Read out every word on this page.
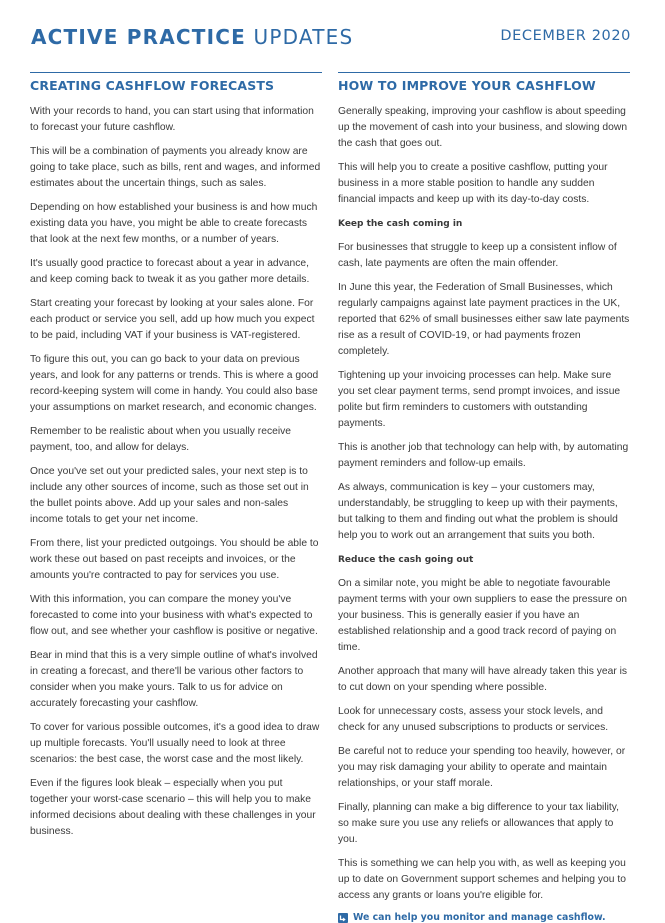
ACTIVE PRACTICE UPDATES	DECEMBER 2020
CREATING CASHFLOW FORECASTS

With your records to hand, you can start using that information to forecast your future cashflow.

This will be a combination of payments you already know are going to take place, such as bills, rent and wages, and informed estimates about the uncertain things, such as sales.

Depending on how established your business is and how much existing data you have, you might be able to create forecasts that look at the next few months, or a number of years.

It's usually good practice to forecast about a year in advance, and keep coming back to tweak it as you gather more details.

Start creating your forecast by looking at your sales alone. For each product or service you sell, add up how much you expect to be paid, including VAT if your business is VAT-registered.

To figure this out, you can go back to your data on previous years, and look for any patterns or trends. This is where a good record-keeping system will come in handy. You could also base your assumptions on market research, and economic changes.

Remember to be realistic about when you usually receive payment, too, and allow for delays.

Once you've set out your predicted sales, your next step is to include any other sources of income, such as those set out in the bullet points above. Add up your sales and non-sales income totals to get your net income.

From there, list your predicted outgoings. You should be able to work these out based on past receipts and invoices, or the amounts you're contracted to pay for services you use.

With this information, you can compare the money you've forecasted to come into your business with what's expected to flow out, and see whether your cashflow is positive or negative.

Bear in mind that this is a very simple outline of what's involved in creating a forecast, and there'll be various other factors to consider when you make yours. Talk to us for advice on accurately forecasting your cashflow.

To cover for various possible outcomes, it's a good idea to draw up multiple forecasts. You'll usually need to look at three scenarios: the best case, the worst case and the most likely.

Even if the figures look bleak – especially when you put together your worst-case scenario – this will help you to make informed decisions about dealing with these challenges in your business.

HOW TO IMPROVE YOUR CASHFLOW

Generally speaking, improving your cashflow is about speeding up the movement of cash into your business, and slowing down the cash that goes out.

This will help you to create a positive cashflow, putting your business in a more stable position to handle any sudden financial impacts and keep up with its day-to-day costs.

Keep the cash coming in

For businesses that struggle to keep up a consistent inflow of cash, late payments are often the main offender.

In June this year, the Federation of Small Businesses, which regularly campaigns against late payment practices in the UK, reported that 62% of small businesses either saw late payments rise as a result of COVID-19, or had payments frozen completely.

Tightening up your invoicing processes can help. Make sure you set clear payment terms, send prompt invoices, and issue polite but firm reminders to customers with outstanding payments.

This is another job that technology can help with, by automating payment reminders and follow-up emails.

As always, communication is key – your customers may, understandably, be struggling to keep up with their payments, but talking to them and finding out what the problem is should help you to work out an arrangement that suits you both.

Reduce the cash going out

On a similar note, you might be able to negotiate favourable payment terms with your own suppliers to ease the pressure on your business. This is generally easier if you have an established relationship and a good track record of paying on time.

Another approach that many will have already taken this year is to cut down on your spending where possible.

Look for unnecessary costs, assess your stock levels, and check for any unused subscriptions to products or services.

Be careful not to reduce your spending too heavily, however, or you may risk damaging your ability to operate and maintain relationships, or your staff morale.

Finally, planning can make a big difference to your tax liability, so make sure you use any reliefs or allowances that apply to you.

This is something we can help you with, as well as keeping you up to date on Government support schemes and helping you to access any grants or loans you're eligible for.

We can help you monitor and manage cashflow.
